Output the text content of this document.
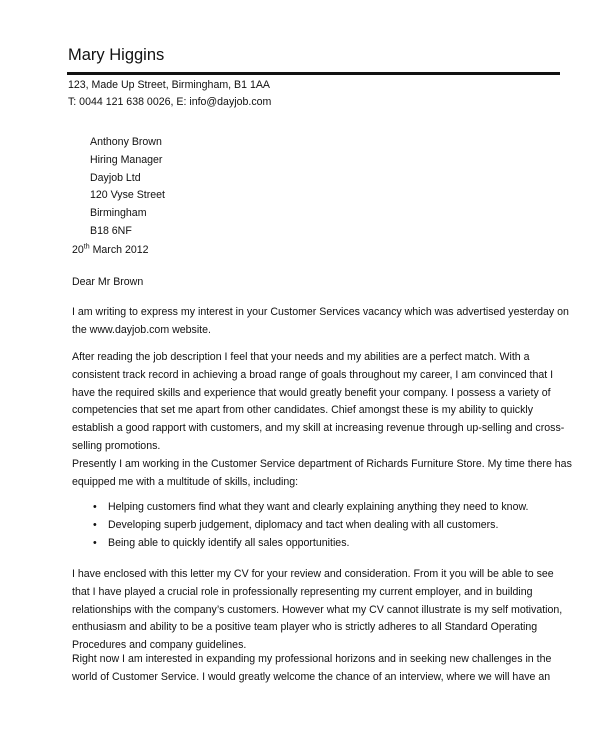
Mary Higgins
123, Made Up Street, Birmingham, B1 1AA
T: 0044 121 638 0026, E: info@dayjob.com
Anthony Brown
Hiring Manager
Dayjob Ltd
120 Vyse Street
Birmingham
B18 6NF
20th March 2012
Dear Mr Brown
I am writing to express my interest in your Customer Services vacancy which was advertised yesterday on
the www.dayjob.com website.
After reading the job description I feel that your needs and my abilities are a perfect match. With a
consistent track record in achieving a broad range of goals throughout my career, I am convinced that I
have the required skills and experience that would greatly benefit your company. I possess a variety of
competencies that set me apart from other candidates. Chief amongst these is my ability to quickly
establish a good rapport with customers, and my skill at increasing revenue through up-selling and cross-
selling promotions.
Presently I am working in the Customer Service department of Richards Furniture Store. My time there has
equipped me with a multitude of skills, including:
• Helping customers find what they want and clearly explaining anything they need to know.
• Developing superb judgement, diplomacy and tact when dealing with all customers.
• Being able to quickly identify all sales opportunities.
I have enclosed with this letter my CV for your review and consideration. From it you will be able to see
that I have played a crucial role in professionally representing my current employer, and in building
relationships with the company’s customers. However what my CV cannot illustrate is my self motivation,
enthusiasm and ability to be a positive team player who is strictly adheres to all Standard Operating
Procedures and company guidelines.
Right now I am interested in expanding my professional horizons and in seeking new challenges in the
world of Customer Service. I would greatly welcome the chance of an interview, where we will have an
